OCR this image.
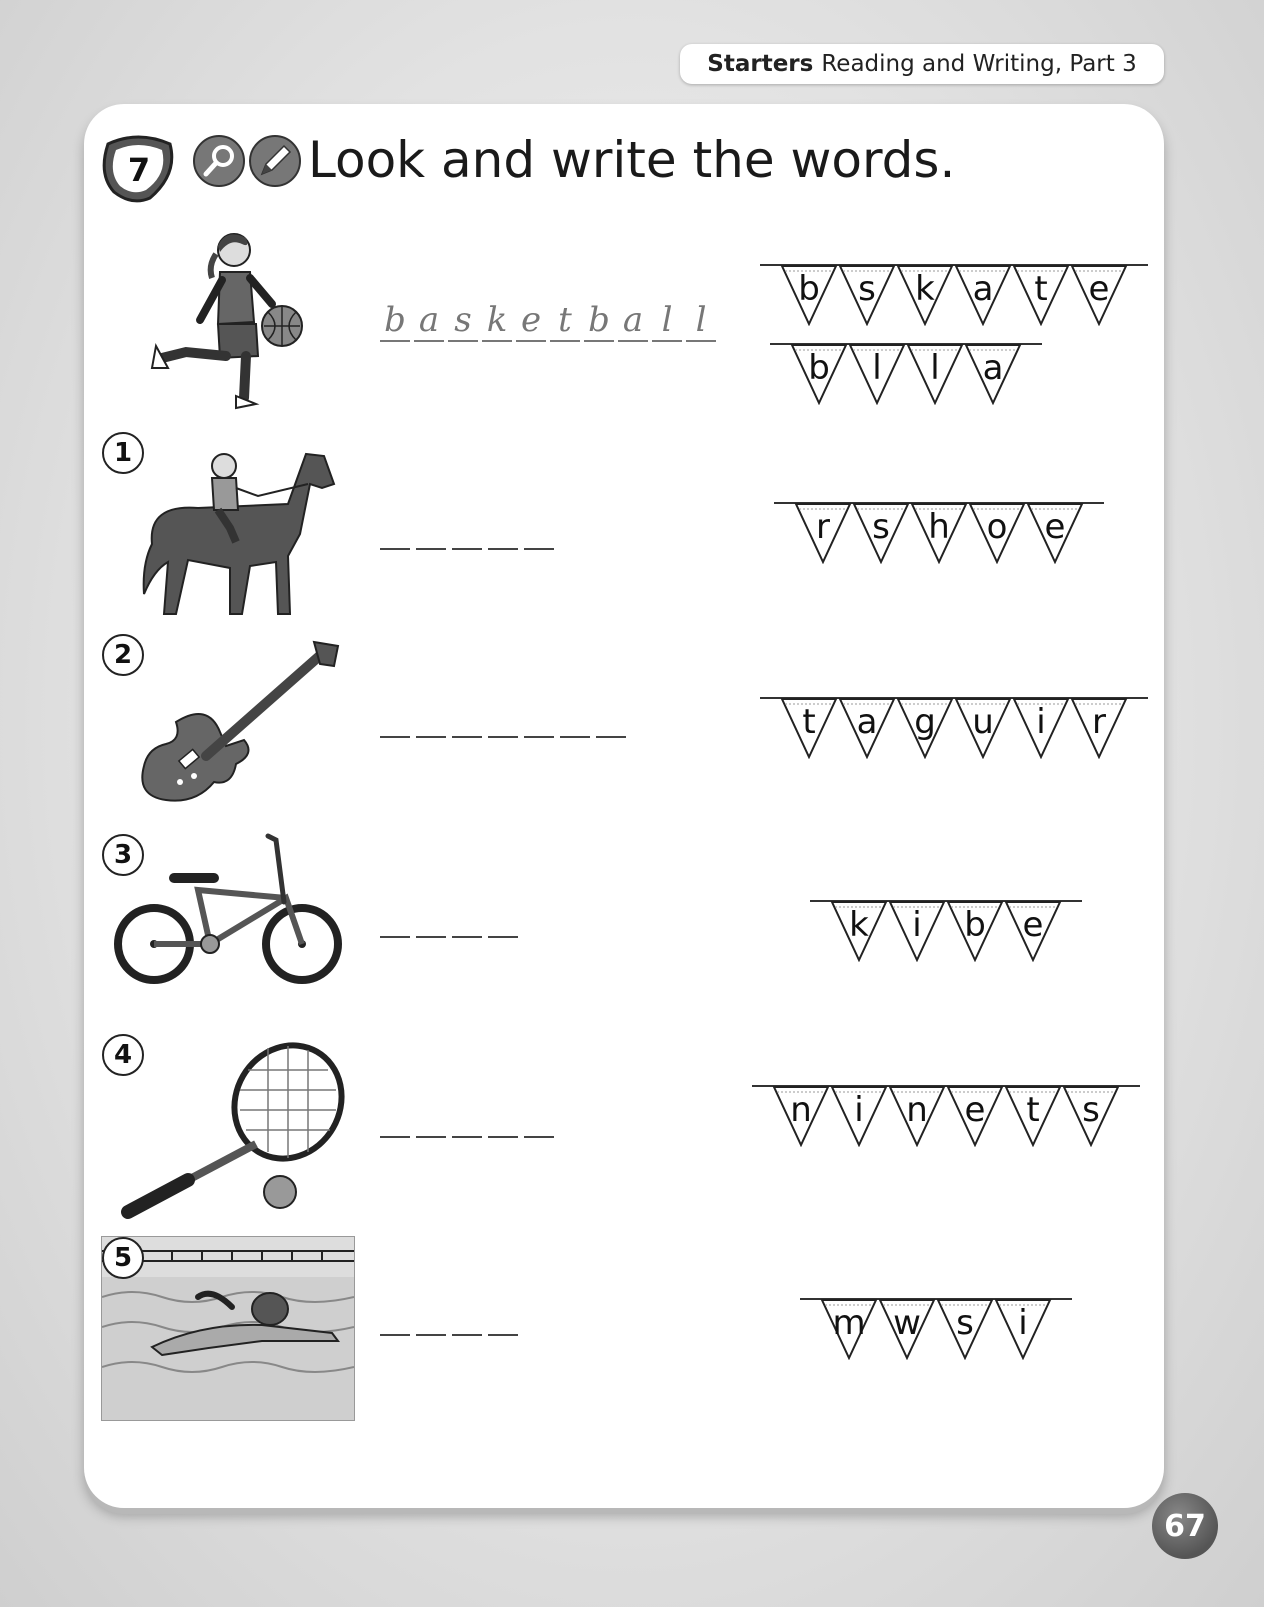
Starters Reading and Writing, Part 3
7	Look and write the words.
b a s k e t b a l l
1
2
3
4
5
b	s	k	a	t	e
b	l	l	a
r	s	h	o	e
t	a	g	u	i	r
k	i	b	e
n	i	n	e	t	s
m w	s	i
67
